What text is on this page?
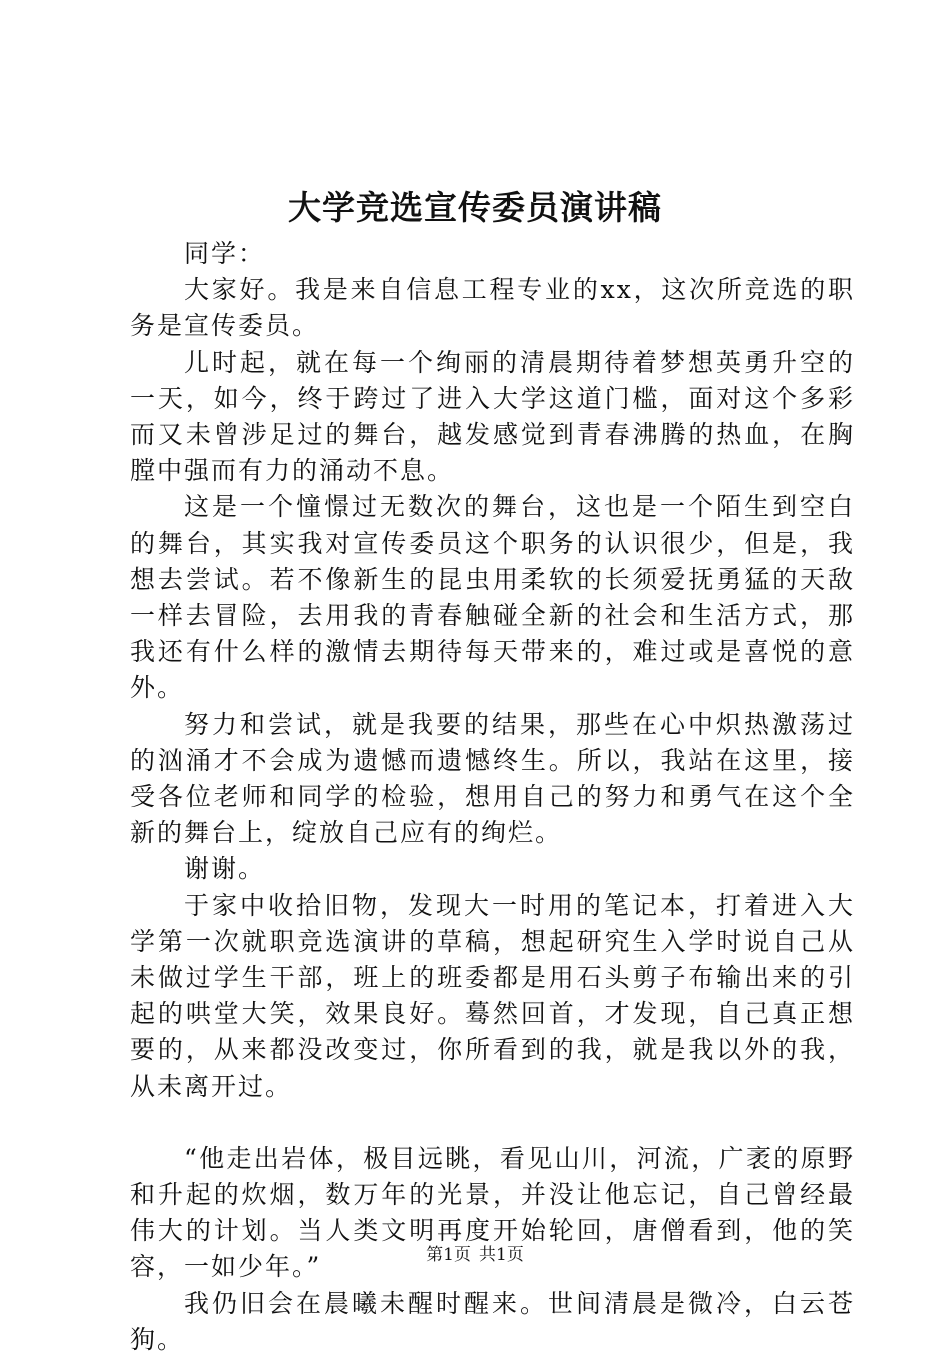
大学竞选宣传委员演讲稿

同学：

大家好。我是来自信息工程专业的xx，这次所竞选的职务是宣传委员。

儿时起，就在每一个绚丽的清晨期待着梦想英勇升空的一天，如今，终于跨过了进入大学这道门槛，面对这个多彩而又未曾涉足过的舞台，越发感觉到青春沸腾的热血，在胸膛中强而有力的涌动不息。

这是一个憧憬过无数次的舞台，这也是一个陌生到空白的舞台，其实我对宣传委员这个职务的认识很少，但是，我想去尝试。若不像新生的昆虫用柔软的长须爱抚勇猛的天敌一样去冒险，去用我的青春触碰全新的社会和生活方式，那我还有什么样的激情去期待每天带来的，难过或是喜悦的意外。

努力和尝试，就是我要的结果，那些在心中炽热激荡过的汹涌才不会成为遗憾而遗憾终生。所以，我站在这里，接受各位老师和同学的检验，想用自己的努力和勇气在这个全新的舞台上，绽放自己应有的绚烂。

谢谢。

于家中收拾旧物，发现大一时用的笔记本，打着进入大学第一次就职竞选演讲的草稿，想起研究生入学时说自己从未做过学生干部，班上的班委都是用石头剪子布输出来的引起的哄堂大笑，效果良好。蓦然回首，才发现，自己真正想要的，从来都没改变过，你所看到的我，就是我以外的我，从未离开过。

“他走出岩体，极目远眺，看见山川，河流，广袤的原野和升起的炊烟，数万年的光景，并没让他忘记，自己曾经最伟大的计划。当人类文明再度开始轮回，唐僧看到，他的笑容，一如少年。”

我仍旧会在晨曦未醒时醒来。世间清晨是微冷，白云苍狗。

第1页 共1页
